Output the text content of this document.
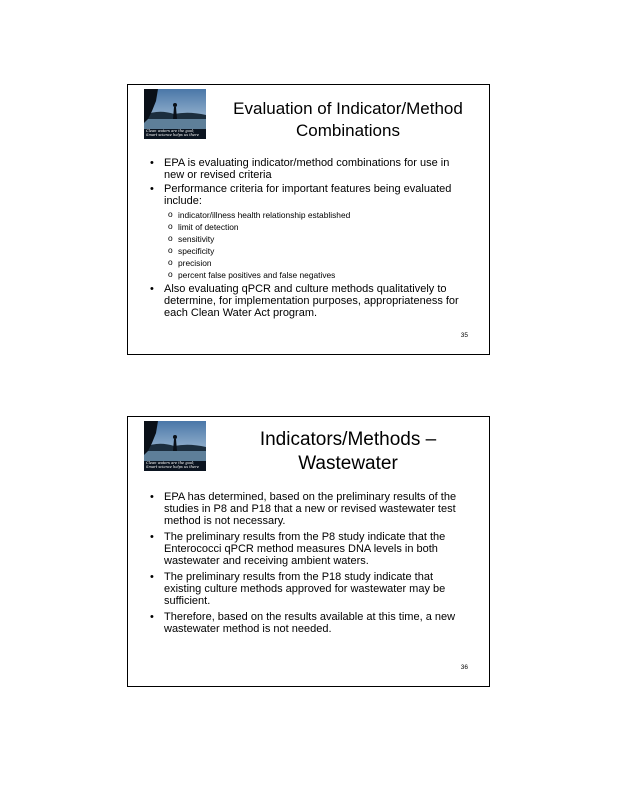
Clean waters are the goal; Smart science helps us there
Evaluation of Indicator/Method Combinations
• EPA is evaluating indicator/method combinations for use in new or revised criteria
• Performance criteria for important features being evaluated include:
o indicator/illness health relationship established
o limit of detection
o sensitivity
o specificity
o precision
o percent false positives and false negatives
• Also evaluating qPCR and culture methods qualitatively to determine, for implementation purposes, appropriateness for each Clean Water Act program.
35
Clean waters are the goal; Smart science helps us there
Indicators/Methods – Wastewater
• EPA has determined, based on the preliminary results of the studies in P8 and P18 that a new or revised wastewater test method is not necessary.
• The preliminary results from the P8 study indicate that the Enterococci qPCR method measures DNA levels in both wastewater and receiving ambient waters.
• The preliminary results from the P18 study indicate that existing culture methods approved for wastewater may be sufficient.
• Therefore, based on the results available at this time, a new wastewater method is not needed.
36
